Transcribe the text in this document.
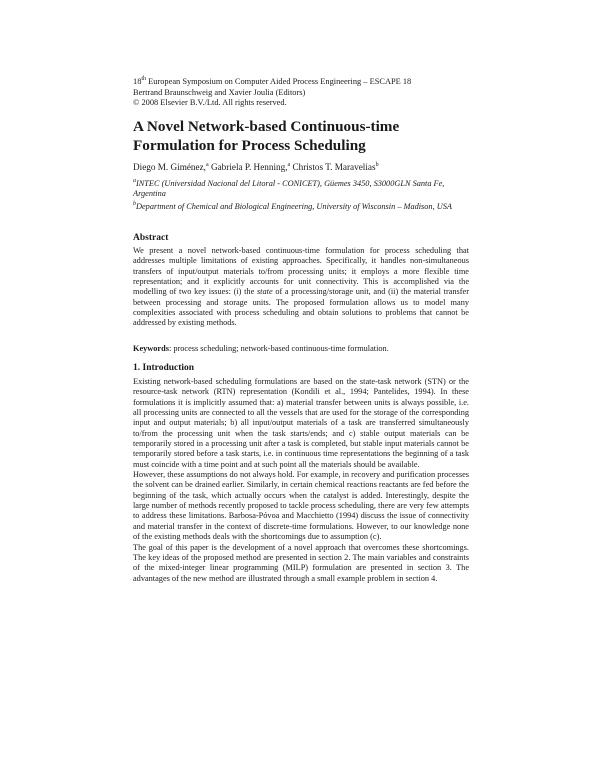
18th European Symposium on Computer Aided Process Engineering – ESCAPE 18
Bertrand Braunschweig and Xavier Joulia (Editors)
© 2008 Elsevier B.V./Ltd. All rights reserved.
A Novel Network-based Continuous-time Formulation for Process Scheduling
Diego M. Giménez,$^a$ Gabriela P. Henning,$^a$ Christos T. Maravelias$^b$
$^a$INTEC (Universidad Nacional del Litoral - CONICET), Güemes 3450, S3000GLN Santa Fe, Argentina
$^b$Department of Chemical and Biological Engineering, University of Wisconsin – Madison, USA
Abstract
We present a novel network-based continuous-time formulation for process scheduling that addresses multiple limitations of existing approaches. Specifically, it handles non-simultaneous transfers of input/output materials to/from processing units; it employs a more flexible time representation; and it explicitly accounts for unit connectivity. This is accomplished via the modelling of two key issues: (i) the state of a processing/storage unit, and (ii) the material transfer between processing and storage units. The proposed formulation allows us to model many complexities associated with process scheduling and obtain solutions to problems that cannot be addressed by existing methods.
Keywords: process scheduling; network-based continuous-time formulation.
1. Introduction

Existing network-based scheduling formulations are based on the state-task network (STN) or the resource-task network (RTN) representation (Kondili et al., 1994; Pantelides, 1994). In these formulations it is implicitly assumed that: a) material transfer between units is always possible, i.e. all processing units are connected to all the vessels that are used for the storage of the corresponding input and output materials; b) all input/output materials of a task are transferred simultaneously to/from the processing unit when the task starts/ends; and c) stable output materials can be temporarily stored in a processing unit after a task is completed, but stable input materials cannot be temporarily stored before a task starts, i.e. in continuous time representations the beginning of a task must coincide with a time point and at such point all the materials should be available.

However, these assumptions do not always hold. For example, in recovery and purification processes the solvent can be drained earlier. Similarly, in certain chemical reactions reactants are fed before the beginning of the task, which actually occurs when the catalyst is added. Interestingly, despite the large number of methods recently proposed to tackle process scheduling, there are very few attempts to address these limitations. Barbosa-Póvoa and Macchietto (1994) discuss the issue of connectivity and material transfer in the context of discrete-time formulations. However, to our knowledge none of the existing methods deals with the shortcomings due to assumption (c).

The goal of this paper is the development of a novel approach that overcomes these shortcomings. The key ideas of the proposed method are presented in section 2. The main variables and constraints of the mixed-integer linear programming (MILP) formulation are presented in section 3. The advantages of the new method are illustrated through a small example problem in section 4.
